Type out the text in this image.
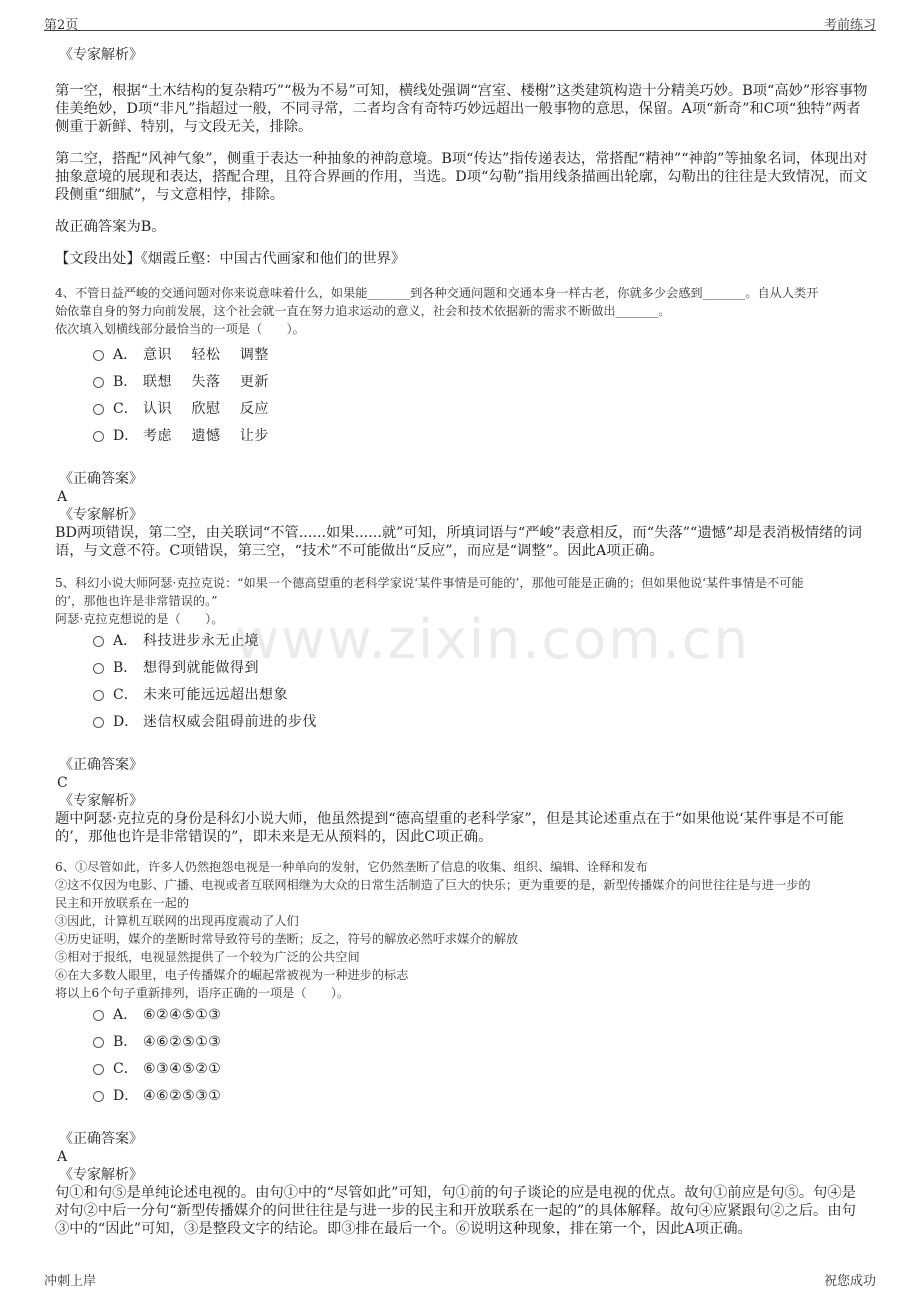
第2页	考前练习
www.zixin.com.cn

《专家解析》

第一空，根据“土木结构的复杂精巧”“极为不易”可知，横线处强调“宫室、楼榭”这类建筑构造十分精美巧妙。B项“高妙”形容事物佳美绝妙，D项“非凡”指超过一般，不同寻常，二者均含有奇特巧妙远超出一般事物的意思，保留。A项“新奇”和C项“独特”两者侧重于新鲜、特别，与文段无关，排除。

第二空，搭配“风神气象”，侧重于表达一种抽象的神韵意境。B项“传达”指传递表达，常搭配“精神”“神韵”等抽象名词，体现出对抽象意境的展现和表达，搭配合理，且符合界画的作用，当选。D项“勾勒”指用线条描画出轮廓，勾勒出的往往是大致情况，而文段侧重“细腻”，与文意相悖，排除。

故正确答案为B。

【文段出处】《烟霞丘壑：中国古代画家和他们的世界》

4、不管日益严峻的交通问题对你来说意味着什么，如果能_______到各种交通问题和交通本身一样古老，你就多少会感到_______。自从人类开

始依靠自身的努力向前发展，这个社会就一直在努力追求运动的意义，社会和技术依据新的需求不断做出_______。

依次填入划横线部分最恰当的一项是（　　）。

A． 意识　 轻松　 调整
B． 联想　 失落　 更新
C． 认识　 欣慰　 反应
D． 考虑　 遗憾　 让步

《正确答案》

A

《专家解析》

BD两项错误，第二空，由关联词“不管......如果......就”可知，所填词语与“严峻”表意相反，而“失落”“遗憾”却是表消极情绪的词语，与文意不符。C项错误，第三空，“技术”不可能做出“反应”，而应是“调整”。因此A项正确。

5、科幻小说大师阿瑟·克拉克说：“如果一个德高望重的老科学家说‘某件事情是可能的’，那他可能是正确的；但如果他说‘某件事情是不可能

的’，那他也许是非常错误的。”

阿瑟·克拉克想说的是（　　）。

A． 科技进步永无止境
B． 想得到就能做得到
C． 未来可能远远超出想象
D． 迷信权威会阻碍前进的步伐

《正确答案》

C

《专家解析》

题中阿瑟·克拉克的身份是科幻小说大师，他虽然提到“德高望重的老科学家”，但是其论述重点在于“如果他说‘某件事是不可能的’，那他也许是非常错误的”，即未来是无从预料的，因此C项正确。

6、①尽管如此，许多人仍然抱怨电视是一种单向的发射，它仍然垄断了信息的收集、组织、编辑、诠释和发布

②这不仅因为电影、广播、电视或者互联网相继为大众的日常生活制造了巨大的快乐；更为重要的是，新型传播媒介的问世往往是与进一步的

民主和开放联系在一起的

③因此，计算机互联网的出现再度震动了人们

④历史证明，媒介的垄断时常导致符号的垄断；反之，符号的解放必然吁求媒介的解放

⑤相对于报纸，电视显然提供了一个较为广泛的公共空间

⑥在大多数人眼里，电子传播媒介的崛起常被视为一种进步的标志

将以上6个句子重新排列，语序正确的一项是（　　）。

A． ⑥②④⑤①③
B． ④⑥②⑤①③
C． ⑥③④⑤②①
D． ④⑥②⑤③①

《正确答案》

A

《专家解析》

句①和句⑤是单纯论述电视的。由句①中的“尽管如此”可知，句①前的句子谈论的应是电视的优点。故句①前应是句⑤。句④是对句②中后一分句“新型传播媒介的问世往往是与进一步的民主和开放联系在一起的”的具体解释。故句④应紧跟句②之后。由句③中的“因此”可知，③是整段文字的结论。即③排在最后一个。⑥说明这种现象，排在第一个，因此A项正确。

冲刺上岸	祝您成功
